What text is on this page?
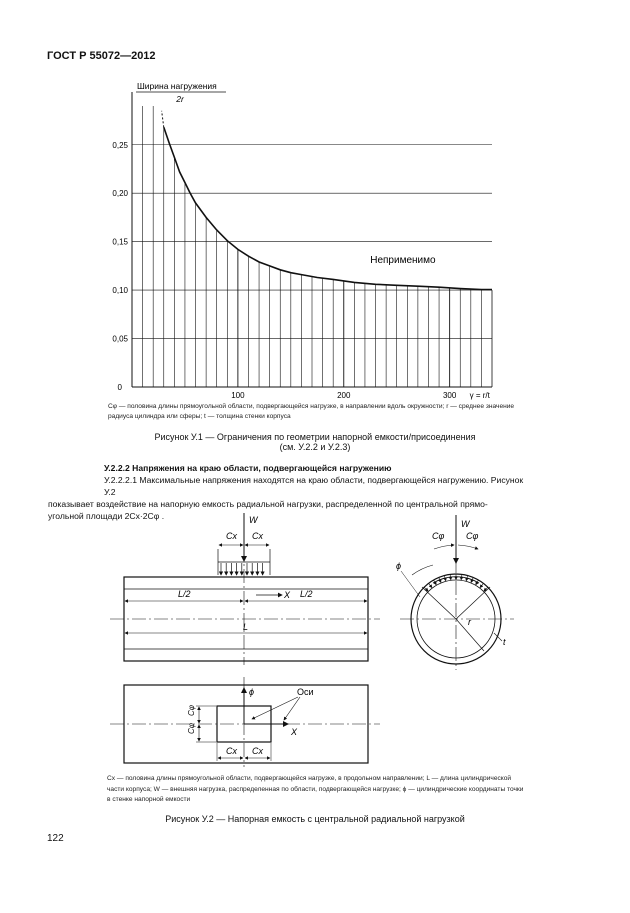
ГОСТ Р 55072—2012
0,25
0,20
0,15
0,10
0,05
100	200	300
0
γ = r/t
Ширина нагружения
2r
Неприменимо
Cφ — половина длины прямоугольной области, подвергающейся нагрузке, в направлении вдоль окружности; r — среднее значение радиуса цилиндра или сферы; t — толщина стенки корпуса
Рисунок У.1 — Ограничения по геометрии напорной емкости/присоединения
(см. У.2.2 и У.2.3)
У.2.2.2 Напряжения на краю области, подвергающейся нагружению
У.2.2.2.1 Максимальные напряжения находятся на краю области, подвергающейся нагружению. Рисунок У.2
показывает воздействие на напорную емкость радиальной нагрузки, распределенной по центральной прямо-
угольной площади 2Cx·2Cφ .
Cx Cx
W
X
L/2	L/2
L
W
Cφ Cφ
ϕ
r
t
ϕ
X
Оси
Cφ
Cφ
Cx Cx
Cx — половина длины прямоугольной области, подвергающейся нагрузке, в продольном направлении; L — длина цилиндрической части корпуса; W — внешняя нагрузка, распределенная по области, подвергающейся нагрузке; ϕ — цилиндрические координаты точки в стенке напорной емкости
Рисунок У.2 — Напорная емкость с центральной радиальной нагрузкой
122
